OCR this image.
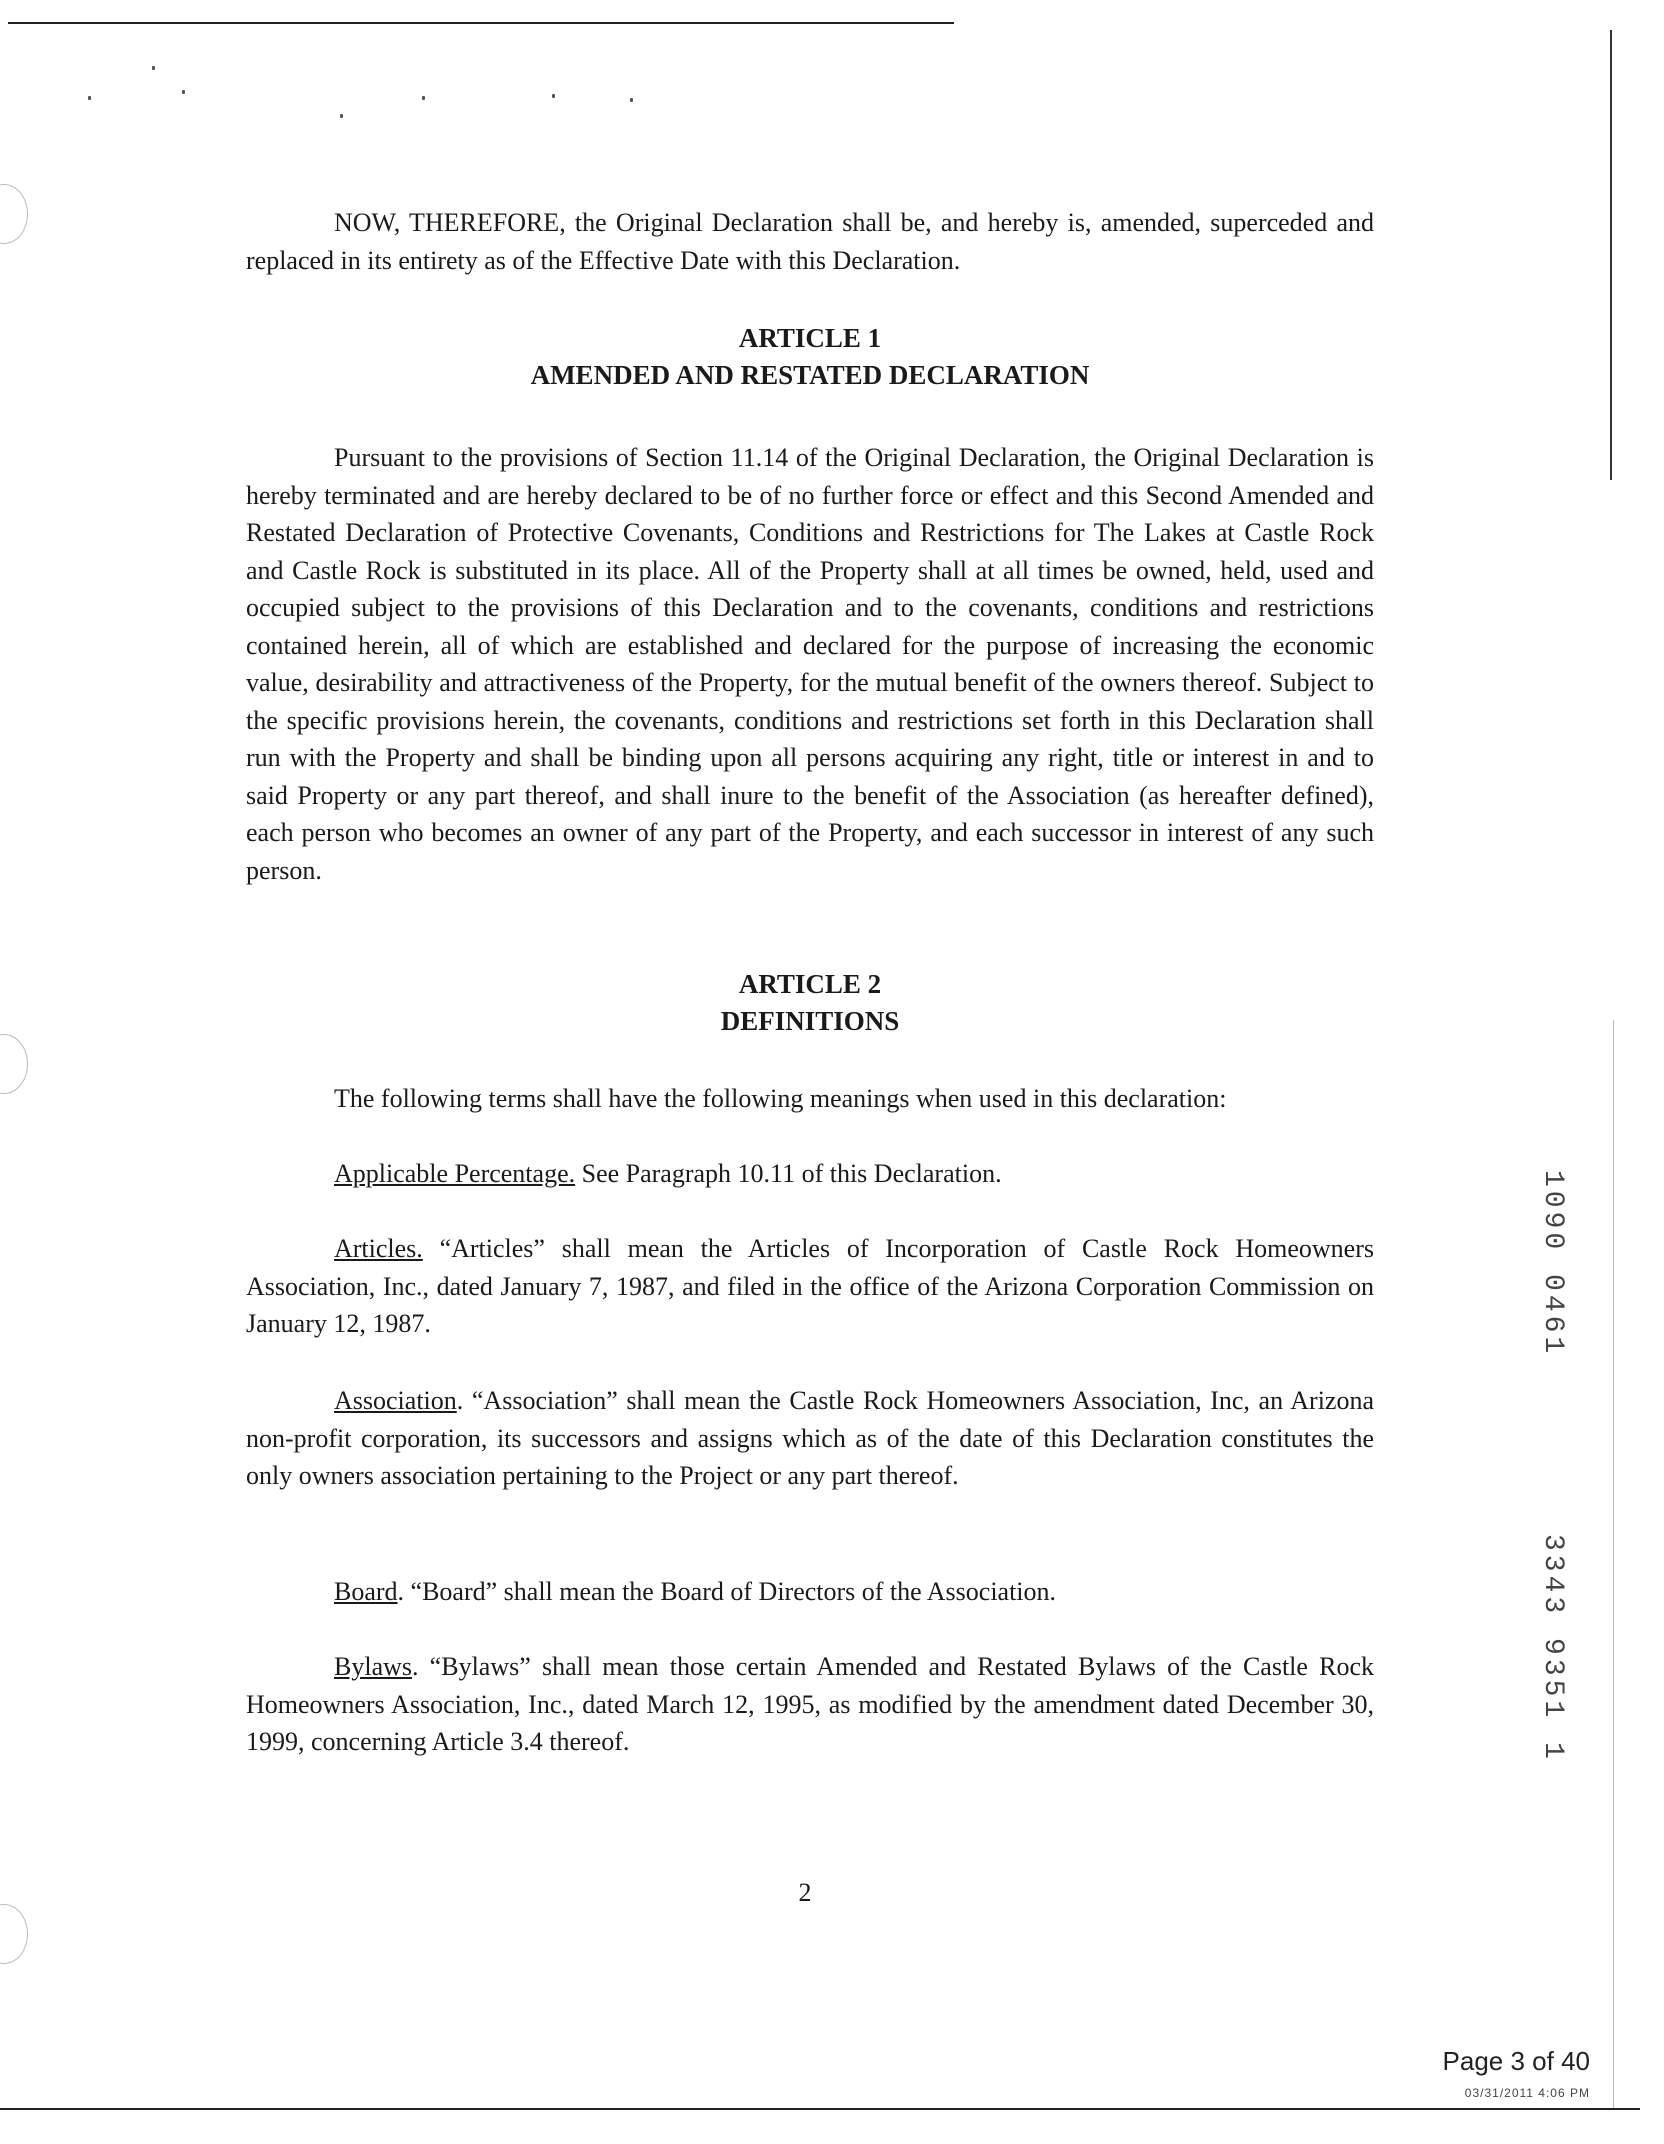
NOW, THEREFORE, the Original Declaration shall be, and hereby is, amended, superceded and replaced in its entirety as of the Effective Date with this Declaration.

ARTICLE 1
AMENDED AND RESTATED DECLARATION

Pursuant to the provisions of Section 11.14 of the Original Declaration, the Original Declaration is hereby terminated and are hereby declared to be of no further force or effect and this Second Amended and Restated Declaration of Protective Covenants, Conditions and Restrictions for The Lakes at Castle Rock and Castle Rock is substituted in its place. All of the Property shall at all times be owned, held, used and occupied subject to the provisions of this Declaration and to the covenants, conditions and restrictions contained herein, all of which are established and declared for the purpose of increasing the economic value, desirability and attractiveness of the Property, for the mutual benefit of the owners thereof. Subject to the specific provisions herein, the covenants, conditions and restrictions set forth in this Declaration shall run with the Property and shall be binding upon all persons acquiring any right, title or interest in and to said Property or any part thereof, and shall inure to the benefit of the Association (as hereafter defined), each person who becomes an owner of any part of the Property, and each successor in interest of any such person.

ARTICLE 2
DEFINITIONS

The following terms shall have the following meanings when used in this declaration:

Applicable Percentage. See Paragraph 10.11 of this Declaration.

Articles. “Articles” shall mean the Articles of Incorporation of Castle Rock Homeowners Association, Inc., dated January 7, 1987, and filed in the office of the Arizona Corporation Commission on January 12, 1987.

Association. “Association” shall mean the Castle Rock Homeowners Association, Inc, an Arizona non-profit corporation, its successors and assigns which as of the date of this Declaration constitutes the only owners association pertaining to the Project or any part thereof.

Board. “Board” shall mean the Board of Directors of the Association.

Bylaws. “Bylaws” shall mean those certain Amended and Restated Bylaws of the Castle Rock Homeowners Association, Inc., dated March 12, 1995, as modified by the amendment dated December 30, 1999, concerning Article 3.4 thereof.

2
1090 0461
3343 9351 1
Page 3 of 40
03/31/2011 4:06 PM
